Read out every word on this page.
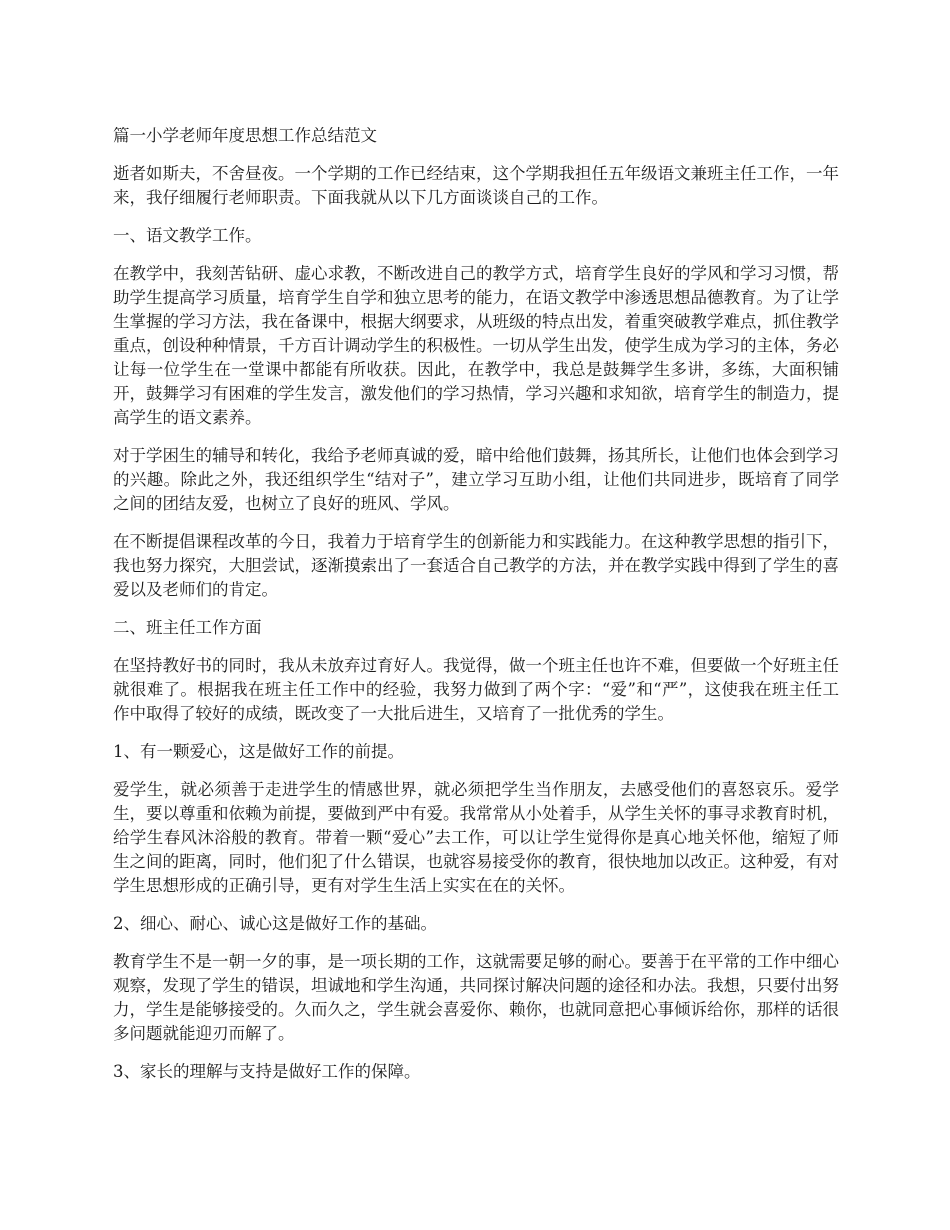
篇一小学老师年度思想工作总结范文

逝者如斯夫，不舍昼夜。一个学期的工作已经结束，这个学期我担任五年级语文兼班主任工作，一年来，我仔细履行老师职责。下面我就从以下几方面谈谈自己的工作。

一、语文教学工作。

在教学中，我刻苦钻研、虚心求教，不断改进自己的教学方式，培育学生良好的学风和学习习惯，帮助学生提高学习质量，培育学生自学和独立思考的能力，在语文教学中渗透思想品德教育。为了让学生掌握的学习方法，我在备课中，根据大纲要求，从班级的特点出发，着重突破教学难点，抓住教学重点，创设种种情景，千方百计调动学生的积极性。一切从学生出发，使学生成为学习的主体，务必让每一位学生在一堂课中都能有所收获。因此，在教学中，我总是鼓舞学生多讲，多练，大面积铺开，鼓舞学习有困难的学生发言，激发他们的学习热情，学习兴趣和求知欲，培育学生的制造力，提高学生的语文素养。

对于学困生的辅导和转化，我给予老师真诚的爱，暗中给他们鼓舞，扬其所长，让他们也体会到学习的兴趣。除此之外，我还组织学生“结对子”，建立学习互助小组，让他们共同进步，既培育了同学之间的团结友爱，也树立了良好的班风、学风。

在不断提倡课程改革的今日，我着力于培育学生的创新能力和实践能力。在这种教学思想的指引下，我也努力探究，大胆尝试，逐渐摸索出了一套适合自己教学的方法，并在教学实践中得到了学生的喜爱以及老师们的肯定。

二、班主任工作方面

在坚持教好书的同时，我从未放弃过育好人。我觉得，做一个班主任也许不难，但要做一个好班主任就很难了。根据我在班主任工作中的经验，我努力做到了两个字：“爱”和“严”，这使我在班主任工作中取得了较好的成绩，既改变了一大批后进生，又培育了一批优秀的学生。

1、有一颗爱心，这是做好工作的前提。

爱学生，就必须善于走进学生的情感世界，就必须把学生当作朋友，去感受他们的喜怒哀乐。爱学生，要以尊重和依赖为前提，要做到严中有爱。我常常从小处着手，从学生关怀的事寻求教育时机，给学生春风沐浴般的教育。带着一颗“爱心”去工作，可以让学生觉得你是真心地关怀他，缩短了师生之间的距离，同时，他们犯了什么错误，也就容易接受你的教育，很快地加以改正。这种爱，有对学生思想形成的正确引导，更有对学生生活上实实在在的关怀。

2、细心、耐心、诚心这是做好工作的基础。

教育学生不是一朝一夕的事，是一项长期的工作，这就需要足够的耐心。要善于在平常的工作中细心观察，发现了学生的错误，坦诚地和学生沟通，共同探讨解决问题的途径和办法。我想，只要付出努力，学生是能够接受的。久而久之，学生就会喜爱你、赖你，也就同意把心事倾诉给你，那样的话很多问题就能迎刃而解了。

3、家长的理解与支持是做好工作的保障。
